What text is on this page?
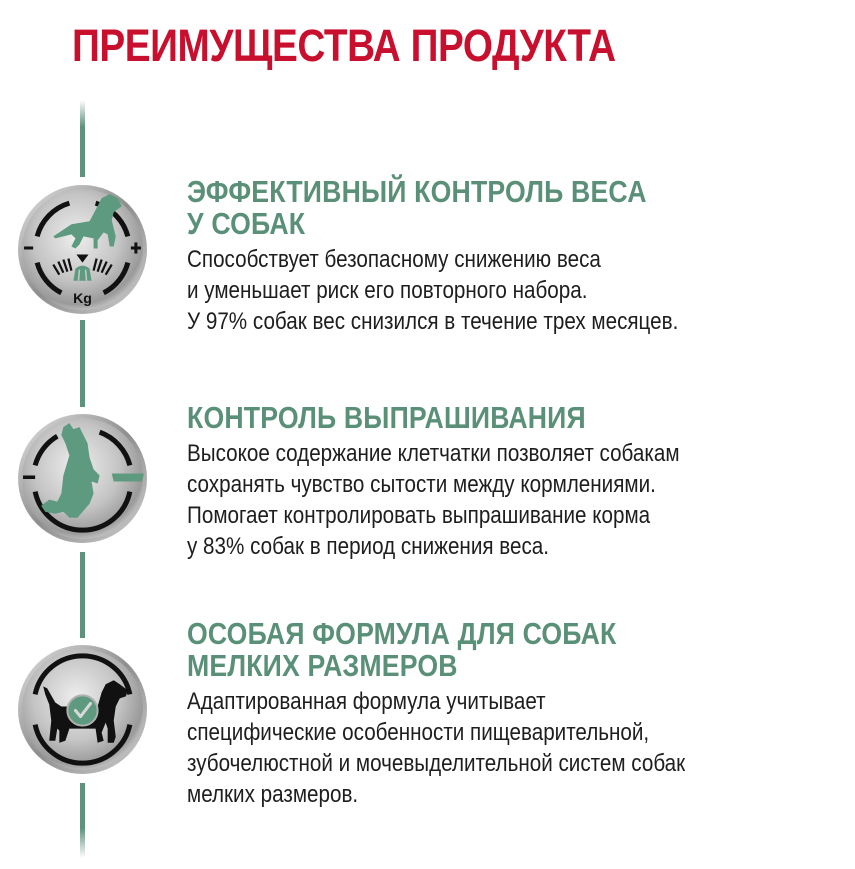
ПРЕИМУЩЕСТВА ПРОДУКТА
Kg
ЭФФЕКТИВНЫЙ КОНТРОЛЬ ВЕСА
У СОБАК

Способствует безопасному снижению веса
и уменьшает риск его повторного набора.
У 97% собак вес снизился в течение трех месяцев.

КОНТРОЛЬ ВЫПРАШИВАНИЯ

Высокое содержание клетчатки позволяет собакам
сохранять чувство сытости между кормлениями.
Помогает контролировать выпрашивание корма
у 83% собак в период снижения веса.

ОСОБАЯ ФОРМУЛА ДЛЯ СОБАК
МЕЛКИХ РАЗМЕРОВ

Адаптированная формула учитывает
специфические особенности пищеварительной,
зубочелюстной и мочевыделительной систем собак
мелких размеров.
